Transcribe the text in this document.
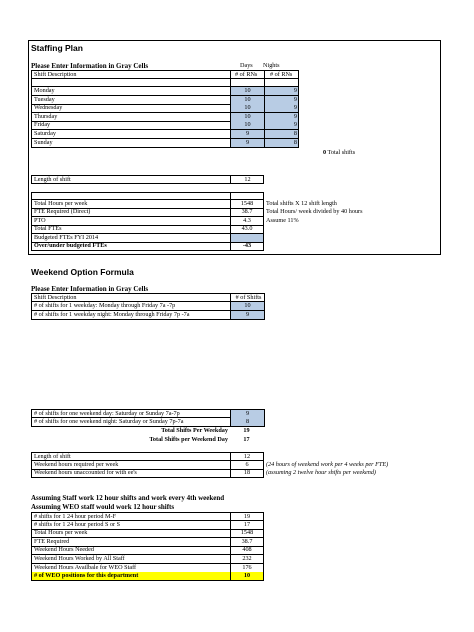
Staffing Plan
Please Enter Information in Gray Cells	Days Nights
Shift Description	# of RNs # of RNs
Monday	10	9
Tuesday	10	9
Wednesday	10	9
Thursday	10	9
Friday	10	9
Saturday	9	8
Sunday	9	8
0 Total shifts
Length of shift	12
Total Hours per week	1548	Total shifts X 12 shift length
FTE Required (Direct)	38.7	Total Hours/ week divided by 40 hours
PTO	4.3	Assume 11%
Total FTEs	43.0
Budgeted FTEs FYI 2014
Over/under budgeted FTEs	-43
Weekend Option Formula
Please Enter Information in Gray Cells
Shift Description	# of Shifts
# of shifts for 1 weekday: Monday through Friday 7a -7p	10
# of shifts for 1 weekday night: Monday through Friday 7p -7a	9
# of shifts for one weekend day: Saturday or Sunday 7a-7p	9
# of shifts for one weekend night: Saturday or Sunday 7p-7a	8
Total Shifts Per Weekday	19
Total Shifts per Weekend Day	17
Length of shift	12
Weekend hours required per week	6	(24 hours of weekend work per 4 weeks per FTE)
Weekend hours unaccounted for with ee's	18	(assuming 2 twelve hour shifts per weekend)
Assuming Staff work 12 hour shifts and work every 4th weekend
Assuming WEO staff would work 12 hour shifts
# shifts for 1 24 hour period M-F	19
# shifts for 1 24 hour period S or S	17
Total Hours per week	1548
FTE Required	38.7
Weekend Hours Needed	408
Weekend Hours Worked by All Staff	232
Weekend Hours Availbale for WEO Staff	176
# of WEO positions for this department	10
